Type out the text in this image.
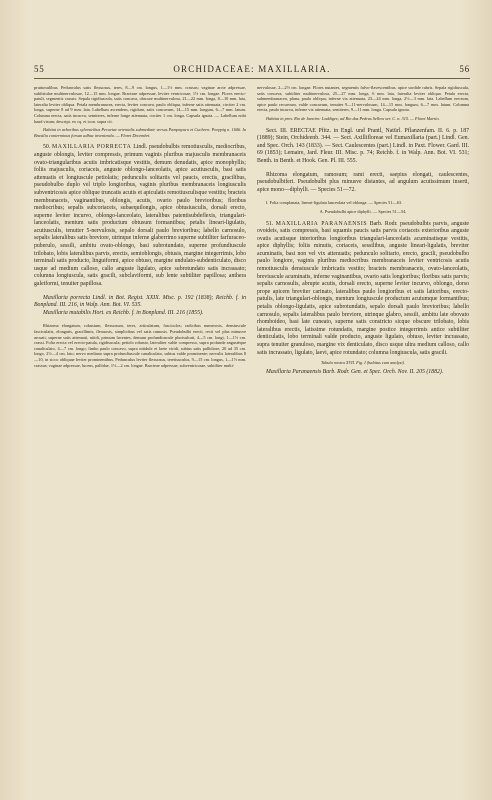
55	ORCHIDACEAE: MAXILLARIA.	56

pruinosulibus. Pedunculus satis flexuosus, teres, 8—9 cm. longus, 1—1½ mm. crassus; vaginae arcte adpressae, subfistulae multinervulosae, 12—15 mm. longae. Bracteae adpressae, leviter ventricosae, 1½ cm. longae. Flores erecto-patuli, segmentis crassis. Sepala rigidiuscula, satis concava, obscure multinervulosa, 21—22 mm. longa, 8—10 mm. lata, lateralia leviter obliqua. Petala membranacea, erecta, leviter concava, paulo obliqua, inferne satis attenuata, circiter 2 cm. longa, superne 8 ad 9 mm. lata. Labellum ascendens, rigidum, satis concavum, 14—15 mm. longum, 6—7 mm. latum. Columna erecta, satis incurva, semiteres, inferne longe attenuata, circiter 1 cm. longa. Capsula ignota. — Labellum nobi haud visum; descript. ex cq. et icon. supra cit.

Habitat in arboribus sylvestribus Peruviae orientalis submediaie versus Pampayaco et Cuchero: Poeppig n. 1606. In Brasilia conterminus forsan adhuc inveniendu. — Floret Decembri.

50. MAXILLARIA PORRECTA Lindl. pseudobulbis remotiusculis, mediocribus, anguste oblongis, leviter compressis, primum vaginis pluribus majusculis membranaceis ovato-triangularibus acutis imbricatisque vestitis, demum denudatis, apice monophyllis; foliis majusculis, coriaceis, anguste oblongo-lanceolatis, apice acutiusculis, basi satis attenuatis et longiuscule petiolatis; pedunculis solitariis vel paucis, erectis, gracilibus, pseudobulbo duplo vel triplo longioribus, vaginis pluribus membranaceis longiusculis subventricosis apice oblique truncatis acutis et apiculatis remotiusculisque vestitis; bracteis membranaceis, vaginantibus, oblongis, acutis, ovario paulo brevioribus; floribus mediocribus; sepalis subcoriaceis, subaequilongis, apice obtusiusculis, dorsali erecto, superne leviter incurvo, oblongo-lanceolato, lateralibus patentisubdeflexis, triangulari-lanceolatis, mentum satis productum obtusum formantibus; petalis lineari-ligulatis, acutiusculis, tenuiter 5-nervulosis, sepalo dorsali paulo brevioribus; labello carnosulo, sepalis lateralibus satis breviore, utrinque inferne glaberrimo superne subtiliter farfuraceo-puberulo, sessili, ambitu ovato-oblongo, basi subrotundato, superne profundiuscule trilobato, lobis lateralibus parvis, erectis, semioblongis, obtusis, margine integerrimis, lobo terminali satis producto, linguiformi, apice obtuso, margine undulato-subdenticulato, disco usque ad medium calloso, callo anguste ligulato, apice subrotundato satis incrassato; columna longiuscula, satis gracili, subclaviformi, sub lente subtiliter papillosa; anthera galeiformi, tenuiter papillosa.

Maxillaria porrecta Lindl. in Bot. Regist. XXIX. Misc. p. 192 (1838); Reichb. f. in Bonpland. III. 216, in Walp. Ann. Bot. VI. 535.

Maxillaria mutabilis Hort. ex Reichb. f. in Bonpland. III. 216 (1855).

Rhizoma elongatum, robustum, flexuosum, teres, articulatum, fasciculos; radicibus numerosis, densiuscule fasciculatis, elongatis, gracillimis, flexuosis, simplicibus vel satis ramosis. Pseudobulbi erecti, recti vel plus minusve arcuati, superne satis attenuati, nitidi, primum lucentes, demum profundiuscule plurisulcati, 4—5 cm. longi, 1—1½ cm. crassi. Folia erecta vel erecto-patula, rigidiuscula; petiolo robusto, lateraliter valde compresso, supra profunde angustèque canaliculato, 4—7 cm. longo; limbo paulo concavo, supra nitidule et laete viridi, subtus satis pallidiore, 20 ad 35 cm. longo, 2½—4 cm. lato; nervo mediano supra profundiuscule canaliculato, subtus valde prominente; nervulis lateralibus 8—10, in sicco obliquae leviter prominentibus. Pedunculus leviter flexuosus, teretiusculus, 9—15 cm. longus, 1—1½ mm. crassus; vaginae adpressae, lucens, pallidae, 1½—2 cm. longae. Bracteae adpressae, subventricosae, subtiliter multi-

nervulosae, 2—2½ cm. longae. Flores nutantes, segmentis fulvo-flavescentibus, apice sordide rubris. Sepala rigidiuscula, satis concava, subtiliter multinervulosa, 25—27 mm. longa, 6 mm. lata, lateralia leviter obliqua. Petala erecta, submembranacea, plana, paulo obliqua, inferne vix attenuata, 23—24 mm. longa, 2½—3 mm. lata. Labellum erectum, apice paulo recurvum, valde concavum, tenuiter 9—11-nervulosum, 14—15 mm. longum, 6—7 mm. latum. Columna erecta, paulo incurva, inferne vix attenuata, semiteres, 9—11 mm. longa. Capsula ignota.

Habitat in prov. Rio de Janeiro: Loddiges; ad Rio das Pedras Sellow ser. C. n. 315. — Floret Martio.

Sect. III. ERECTAE Pfitz. in Engl. und Prantl, Natürl. Pflanzenfam. II. 6. p. 187 (1889); Stein, Orchideenb. 344. — Sect. Axillifloreae vel Eumaxillaria (part.) Lindl. Gen. and Spec. Orch. 143 (1833). — Sect. Caulescentes (part.) Lindl. in Paxt. Flower. Gard. III. 69 (1853); Lemaire, Jard. Fleur. III. Misc. p. 74; Reichb. f. in Walp. Ann. Bot. VI. 531; Benth. in Benth. et Hook. Gen. Pl. III. 555.

Rhizoma elongatum, ramosum; rami erecti, saepius elongati, caulescentes, pseudobulbiferi. Pseudobulbi plus minusve distantes, ad angulum acutissimum inserti, apice mono—diphylli. — Species 51—72.

I. Folia complanata, lineari-ligulata lanceolata vel oblonga. — Species 51—63.

A. Pseudobulbi apice diphylli. — Species 51—54.

51. MAXILLARIA PARANAENSIS Barb. Rodr. pseudobulbis parvis, anguste ovoideis, satis compressis, basi squamis paucis satis parvis coriaceis exterioribus anguste ovatis acutisque interioribus longioribus triangulari-lanceolatis acuminatisque vestitis, apice diphyllis; foliis minutis, coriaceis, sessilibus, anguste lineari-ligulatis, breviter acuminatis, basi non vel vix attenuatis; pedunculo solitario, erecto, gracili, pseudobulbo paulo longiore, vaginis pluribus mediocribus membranaceis leviter ventricosis acutis remotiusculis densiuscule imbricatis vestito; bracteis membranaceis, ovato-lanceolatis, breviuscule acuminatis, inferne vaginantibus, ovario satis longioribus; floribus satis parvis; sepalis carnosulis, abrupte acutis, dorsali erecto, superne leviter incurvo, oblongo, dorso prope apicem breviter carinato, lateralibus paulo longioribus et satis latioribus, erecto-patulis, late triangulari-oblongis, mentum longiuscule productum acutumque formantibus; petalis oblongo-ligulatis, apice subrotundatis, sepalo dorsali paulo brevioribus; labello carnosulo, sepalis lateralibus paulo breviore, utrinque glabro, sessili, ambitu late obovato rhomboideo, basi late cuneato, superne satis constricto sicque obscure trilobato, lobis lateralibus erectis, latissime rotundatis, margine postice integerrimis antice subtiliter denticulatis, lobo terminali valde producto, anguste ligulato, obtuso, leviter incrassato, supra tenuiter granuloso, margine vix denticulato, disco usque ultra medium calloso, callo satis incrassato, ligulato, laevi, apice rotundato; columna longiuscula, satis gracili.

Tabula nostra XVII. Fig. I (habitus cum analysi).

Maxillaria Paranaensis Barb. Rodr. Gen. et Spec. Orch. Nov. II. 205 (1882).
